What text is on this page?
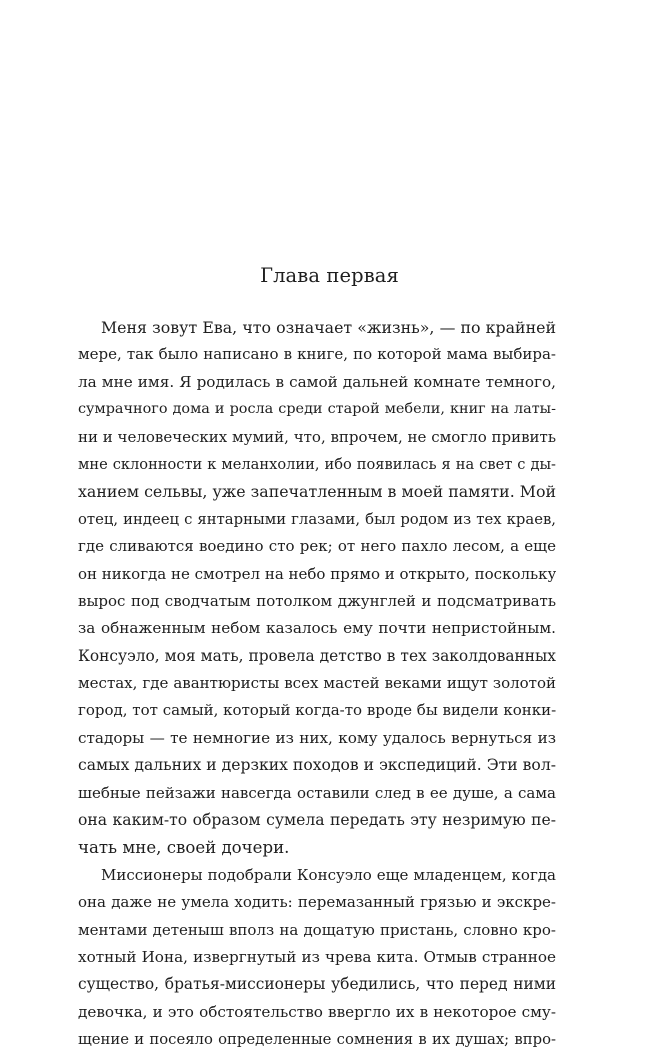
Глава первая
Меня зовут Ева, что означает «жизнь», — по крайней
мере, так было написано в книге, по которой мама выбира-
ла мне имя. Я родилась в самой дальней комнате темного,
сумрачного дома и росла среди старой мебели, книг на латы-
ни и человеческих мумий, что, впрочем, не смогло привить
мне склонности к меланхолии, ибо появилась я на свет с ды-
ханием сельвы, уже запечатленным в моей памяти. Мой
отец, индеец с янтарными глазами, был родом из тех краев,
где сливаются воедино сто рек; от него пахло лесом, а еще
он никогда не смотрел на небо прямо и открыто, поскольку
вырос под сводчатым потолком джунглей и подсматривать
за обнаженным небом казалось ему почти непристойным.
Консуэло, моя мать, провела детство в тех заколдованных
местах, где авантюристы всех мастей веками ищут золотой
город, тот самый, который когда-то вроде бы видели конки-
стадоры — те немногие из них, кому удалось вернуться из
самых дальних и дерзких походов и экспедиций. Эти вол-
шебные пейзажи навсегда оставили след в ее душе, а сама
она каким-то образом сумела передать эту незримую пе-
чать мне, своей дочери.
Миссионеры подобрали Консуэло еще младенцем, когда
она даже не умела ходить: перемазанный грязью и экскре-
ментами детеныш вполз на дощатую пристань, словно кро-
хотный Иона, извергнутый из чрева кита. Отмыв странное
существо, братья-миссионеры убедились, что перед ними
девочка, и это обстоятельство ввергло их в некоторое сму-
щение и посеяло определенные сомнения в их душах; впро-
